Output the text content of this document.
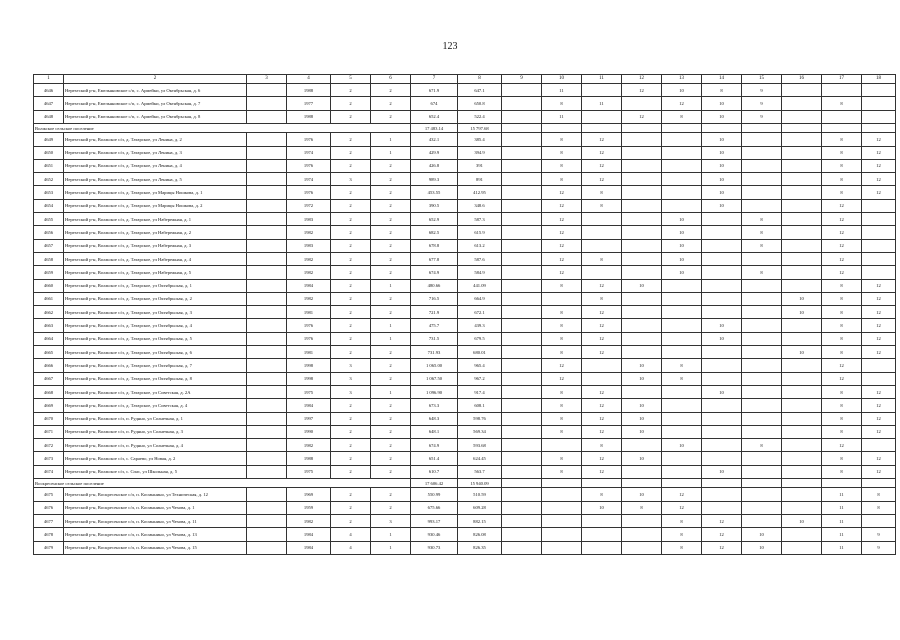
123
1	2	3	4	5	6	7	8	9	10	11	12	13	14	15	16	17	18
4646	Нерехтский р-н, Емельяновское с/п, с. Армейки, ул Октябрьская, д. 6		1988	2	2	671.9	647.1		11		12	10	8	9			
4647	Нерехтский р-н, Емельяновское с/п, с. Армейки, ул Октябрьская, д. 7		1977	2	2	674	650.8		8	11		12	10	9		8	
4648	Нерехтский р-н, Емельяновское с/п, с. Армейки, ул Октябрьская, д. 8		1988	2	2	652.4	522.4		11		12	8	10	9			
Волжское сельское поселение						17 483.14	15 797.68										
4649	Нерехтский р-н, Волжское с/п, д. Татарское, ул Ленина, д. 2		1976	2	1	432.1	385.4		8	12			10			8	12
4650	Нерехтский р-н, Волжское с/п, д. Татарское, ул Ленина, д. 3		1974	2	1	429.9	394.9		8	12			10			8	12
4651	Нерехтский р-н, Волжское с/п, д. Татарское, ул Ленина, д. 4		1976	2	2	426.8	391		8	12			10			8	12
4652	Нерехтский р-н, Волжское с/п, д. Татарское, ул Ленина, д. 5		1974	3	2	989.3	891		8	12			10			8	12
4653	Нерехтский р-н, Волжское с/п, д. Татарское, ул Марицы Ношкова, д. 1		1976	2	2	453.55	412.95		12	8			10			8	12
4654	Нерехтский р-н, Волжское с/п, д. Татарское, ул Марицы Ношкова, д. 2		1972	2	2	390.5	348.6		12	8			10			12	
4655	Нерехтский р-н, Волжское с/п, д. Татарское, ул Набережная, д. 1		1983	2	2	652.9	587.3		12			10		8		12	
4656	Нерехтский р-н, Волжское с/п, д. Татарское, ул Набережная, д. 2		1982	2	2	682.5	615.9		12			10		8		12	
4657	Нерехтский р-н, Волжское с/п, д. Татарское, ул Набережная, д. 3		1983	2	2	678.8	613.2		12			10		8		12	
4658	Нерехтский р-н, Волжское с/п, д. Татарское, ул Набережная, д. 4		1982	2	2	677.8	587.6		12	8		10				12	
4659	Нерехтский р-н, Волжское с/п, д. Татарское, ул Набережная, д. 5		1982	2	2	674.9	584.9		12			10		8		12	
4660	Нерехтский р-н, Волжское с/п, д. Татарское, ул Октябрьская, д. 1		1984	2	1	480.66	441.09		8	12	10					8	12
4661	Нерехтский р-н, Волжское с/п, д. Татарское, ул Октябрьская, д. 2		1982	2	2	716.5	664.9			8					10	8	12
4662	Нерехтский р-н, Волжское с/п, д. Татарское, ул Октябрьская, д. 3		1981	2	2	721.9	672.1		8	12					10	8	12
4663	Нерехтский р-н, Волжское с/п, д. Татарское, ул Октябрьская, д. 4		1976	2	1	475.7	439.3		8	12			10			8	12
4664	Нерехтский р-н, Волжское с/п, д. Татарское, ул Октябрьская, д. 5		1976	2	1	731.5	679.5		8	12			10			8	12
4665	Нерехтский р-н, Волжское с/п, д. Татарское, ул Октябрьская, д. 6		1981	2	2	731.93	680.01		8	12					10	8	12
4666	Нерехтский р-н, Волжское с/п, д. Татарское, ул Октябрьская, д. 7		1998	3	2	1 065.00	965.4		12		10	8				12	
4667	Нерехтский р-н, Волжское с/п, д. Татарское, ул Октябрьская, д. 8		1998	3	2	1 067.50	967.2		12		10	8				12	
4668	Нерехтский р-н, Волжское с/п, д. Татарское, ул Советская, д. 2А		1975	3	1	1 096.90	917.4		8	12			10			8	12
4669	Нерехтский р-н, Волжское с/п, д. Татарское, ул Советская, д. 4		1984	2	2	673.3	608.1		8	12	10					8	12
4670	Нерехтский р-н, Волжское с/п, п. Руднно, ул Солнечная, д. 1		1997	2	2	648.3	598.76		8	12	10					8	12
4671	Нерехтский р-н, Волжское с/п, п. Руднно, ул Солнечная, д. 3		1990	2	2	648.1	569.34		8	12	10					8	12
4672	Нерехтский р-н, Волжское с/п, п. Руднно, ул Солнечная, д. 4		1982	2	2	674.9	593.68			8		10		8		12	
4673	Нерехтский р-н, Волжское с/п, с. Сараево, ул Новая, д. 2		1988	2	2	651.4	624.45		8	12	10					8	12
4674	Нерехтский р-н, Волжское с/п, с. Спас, ул Школьная, д. 5		1975	2	2	610.7	563.7		8	12			10			8	12
Воскресенское сельское поселение						17 606.42	15 940.09										
4675	Нерехтский р-н, Воскресенское с/п, п. Космынино, ул Техническая, д. 12		1969	2	2	550.99	510.59			8	10	12				11	8
4676	Нерехтский р-н, Воскресенское с/п, п. Космынино, ул Чехова, д. 1		1959	2	2	675.66	609.28			10	8	12				11	8
4677	Нерехтский р-н, Воскресенское с/п, п. Космынино, ул Чехова, д. 11		1982	2	3	993.17	882.15					8	12		10	11	
4678	Нерехтский р-н, Воскресенское с/п, п. Космынино, ул Чехова, д. 13		1984	4	1	930.46	826.08					8	12	10		11	9
4679	Нерехтский р-н, Воскресенское с/п, п. Космынино, ул Чехова, д. 15		1984	4	1	930.73	826.35					8	12	10		11	9
